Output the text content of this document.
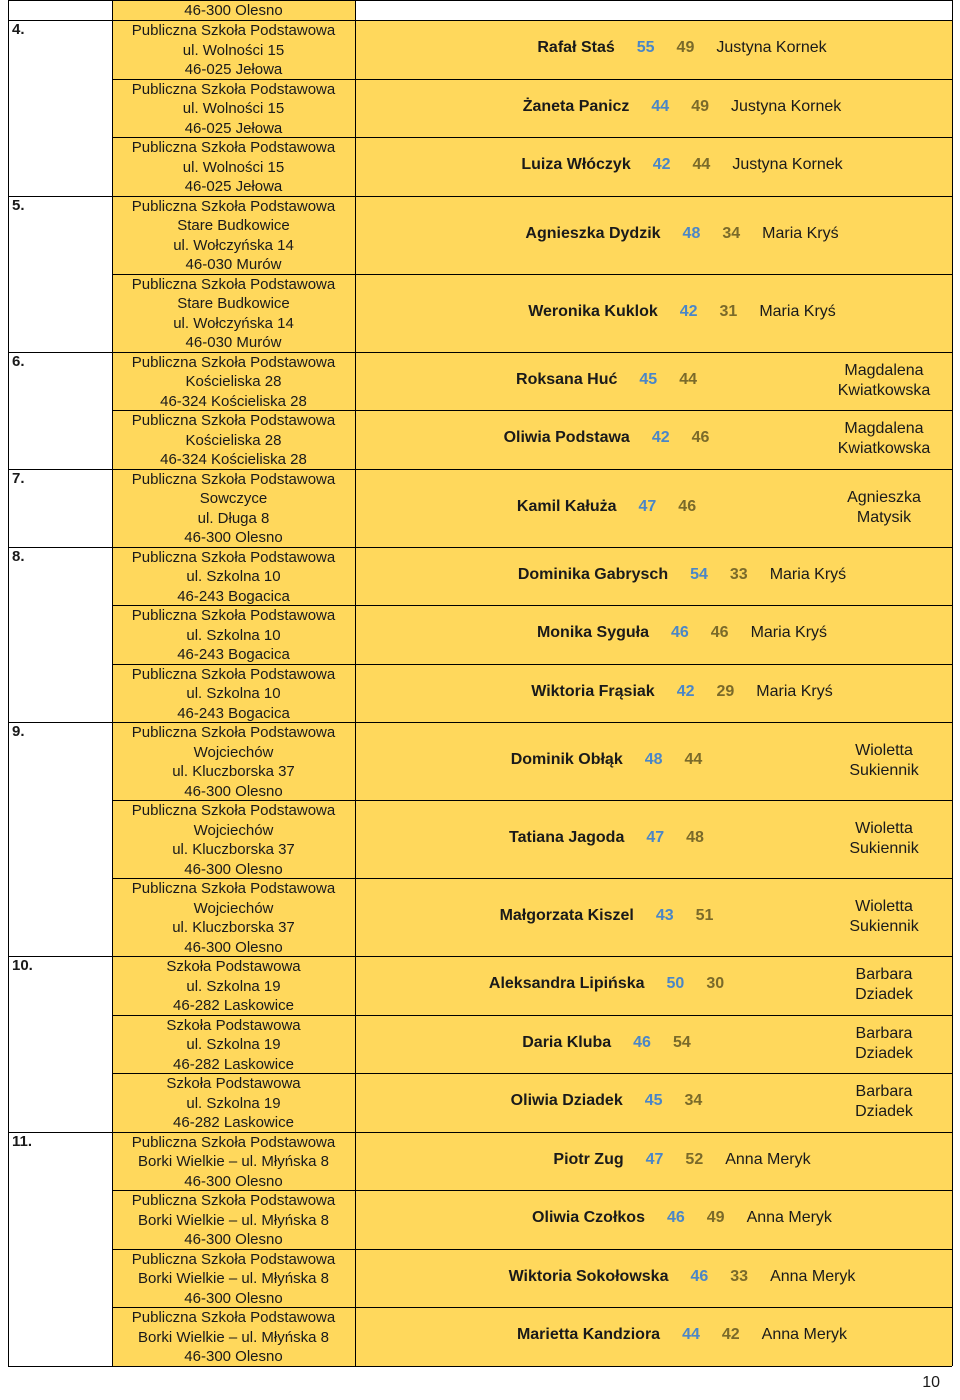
46-300 Olesno
4.	Publiczna Szkoła Podstawowa
ul. Wolności 15
46-025 Jełowa
Rafał Staś 55 49 Justyna Kornek
Publiczna Szkoła Podstawowa
ul. Wolności 15
46-025 Jełowa
Żaneta Panicz 44 49 Justyna Kornek
Publiczna Szkoła Podstawowa
ul. Wolności 15
46-025 Jełowa
Luiza Włóczyk 42 44 Justyna Kornek
5.	Publiczna Szkoła Podstawowa
Stare Budkowice
ul. Wołczyńska 14
46-030 Murów
Agnieszka Dydzik 48 34 Maria Kryś
Publiczna Szkoła Podstawowa
Stare Budkowice
ul. Wołczyńska 14
46-030 Murów
Weronika Kuklok 42 31 Maria Kryś
6.	Publiczna Szkoła Podstawowa
Kościeliska 28
46-324 Kościeliska 28
Roksana Huć 45 44
Magdalena
Kwiatkowska
Publiczna Szkoła Podstawowa
Kościeliska 28
46-324 Kościeliska 28
Oliwia Podstawa 42 46
Magdalena
Kwiatkowska
7.	Publiczna Szkoła Podstawowa
Sowczyce
ul. Długa 8
46-300 Olesno
Kamil Kałuża 47 46
Agnieszka
Matysik
8.	Publiczna Szkoła Podstawowa
ul. Szkolna 10
46-243 Bogacica
Dominika Gabrysch 54 33 Maria Kryś
Publiczna Szkoła Podstawowa
ul. Szkolna 10
46-243 Bogacica
Monika Syguła 46 46 Maria Kryś
Publiczna Szkoła Podstawowa
ul. Szkolna 10
46-243 Bogacica
Wiktoria Frąsiak 42 29 Maria Kryś
9.	Publiczna Szkoła Podstawowa
Wojciechów
ul. Kluczborska 37
46-300 Olesno
Dominik Obłąk 48 44
Wioletta
Sukiennik
Publiczna Szkoła Podstawowa
Wojciechów
ul. Kluczborska 37
46-300 Olesno
Tatiana Jagoda 47 48
Wioletta
Sukiennik
Publiczna Szkoła Podstawowa
Wojciechów
ul. Kluczborska 37
46-300 Olesno
Małgorzata Kiszel 43 51
Wioletta
Sukiennik
10.	Szkoła Podstawowa
ul. Szkolna 19
46-282 Laskowice
Aleksandra Lipińska 50 30
Barbara
Dziadek
Szkoła Podstawowa
ul. Szkolna 19
46-282 Laskowice
Daria Kluba 46 54
Barbara
Dziadek
Szkoła Podstawowa
ul. Szkolna 19
46-282 Laskowice
Oliwia Dziadek 45 34
Barbara
Dziadek
11.	Publiczna Szkoła Podstawowa
Borki Wielkie – ul. Młyńska 8
46-300 Olesno
Piotr Zug 47 52 Anna Meryk
Publiczna Szkoła Podstawowa
Borki Wielkie – ul. Młyńska 8
46-300 Olesno
Oliwia Czołkos 46 49 Anna Meryk
Publiczna Szkoła Podstawowa
Borki Wielkie – ul. Młyńska 8
46-300 Olesno
Wiktoria Sokołowska 46 33 Anna Meryk
Publiczna Szkoła Podstawowa
Borki Wielkie – ul. Młyńska 8
46-300 Olesno
Marietta Kandziora 44 42 Anna Meryk
10
